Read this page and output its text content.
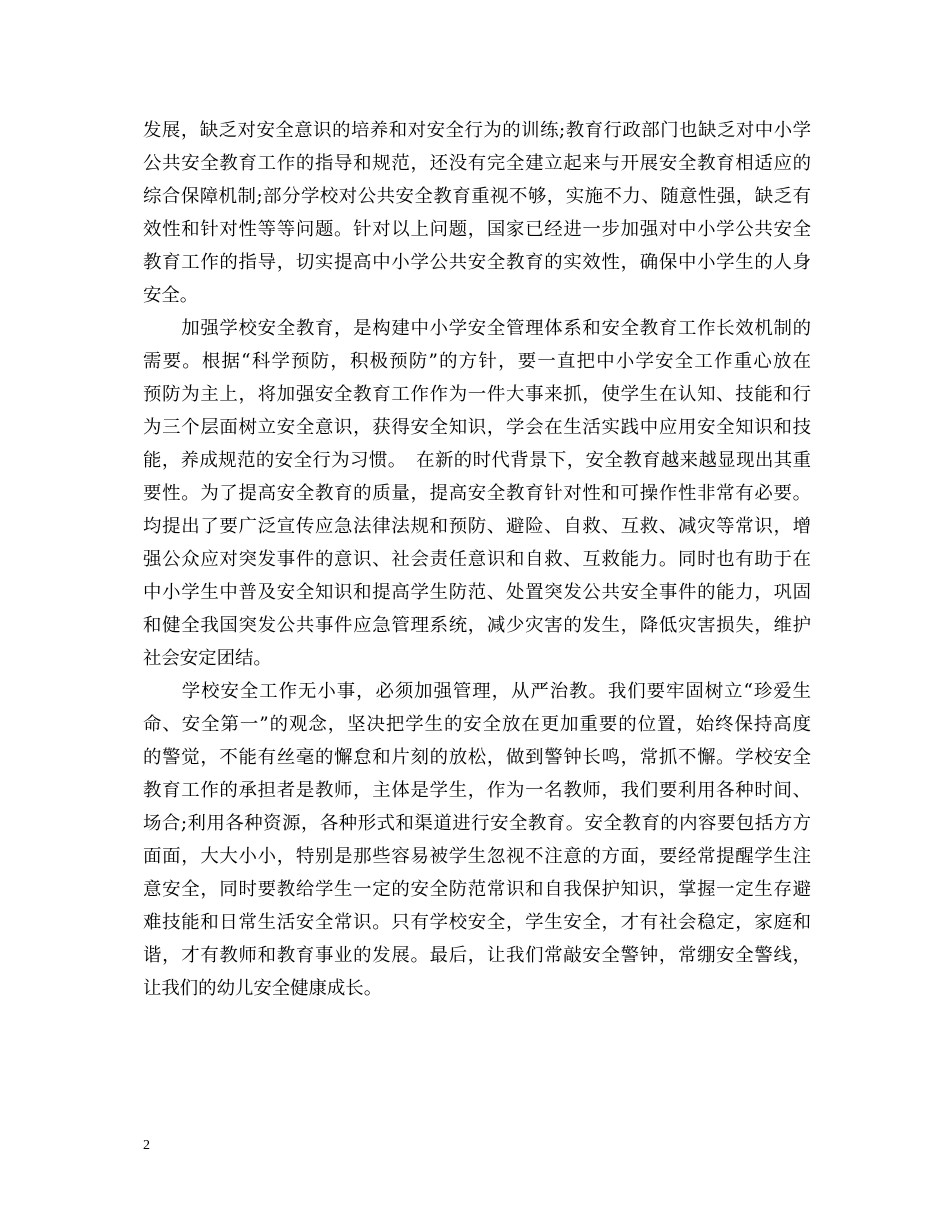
发展，缺乏对安全意识的培养和对安全行为的训练;教育行政部门也缺乏对中小学
公共安全教育工作的指导和规范，还没有完全建立起来与开展安全教育相适应的
综合保障机制;部分学校对公共安全教育重视不够，实施不力、随意性强，缺乏有
效性和针对性等等问题。针对以上问题，国家已经进一步加强对中小学公共安全
教育工作的指导，切实提高中小学公共安全教育的实效性，确保中小学生的人身
安全。

　　加强学校安全教育，是构建中小学安全管理体系和安全教育工作长效机制的
需要。根据“科学预防，积极预防”的方针，要一直把中小学安全工作重心放在
预防为主上，将加强安全教育工作作为一件大事来抓，使学生在认知、技能和行
为三个层面树立安全意识，获得安全知识，学会在生活实践中应用安全知识和技
能，养成规范的安全行为习惯。　在新的时代背景下，安全教育越来越显现出其重
要性。为了提高安全教育的质量，提高安全教育针对性和可操作性非常有必要。
均提出了要广泛宣传应急法律法规和预防、避险、自救、互救、减灾等常识，增
强公众应对突发事件的意识、社会责任意识和自救、互救能力。同时也有助于在
中小学生中普及安全知识和提高学生防范、处置突发公共安全事件的能力，巩固
和健全我国突发公共事件应急管理系统，减少灾害的发生，降低灾害损失，维护
社会安定团结。

　　学校安全工作无小事，必须加强管理，从严治教。我们要牢固树立“珍爱生
命、安全第一”的观念，坚决把学生的安全放在更加重要的位置，始终保持高度
的警觉，不能有丝毫的懈怠和片刻的放松，做到警钟长鸣，常抓不懈。学校安全
教育工作的承担者是教师，主体是学生，作为一名教师，我们要利用各种时间、
场合;利用各种资源，各种形式和渠道进行安全教育。安全教育的内容要包括方方
面面，大大小小，特别是那些容易被学生忽视不注意的方面，要经常提醒学生注
意安全，同时要教给学生一定的安全防范常识和自我保护知识，掌握一定生存避
难技能和日常生活安全常识。只有学校安全，学生安全，才有社会稳定，家庭和
谐，才有教师和教育事业的发展。最后，让我们常敲安全警钟，常绷安全警线，
让我们的幼儿安全健康成长。

2
